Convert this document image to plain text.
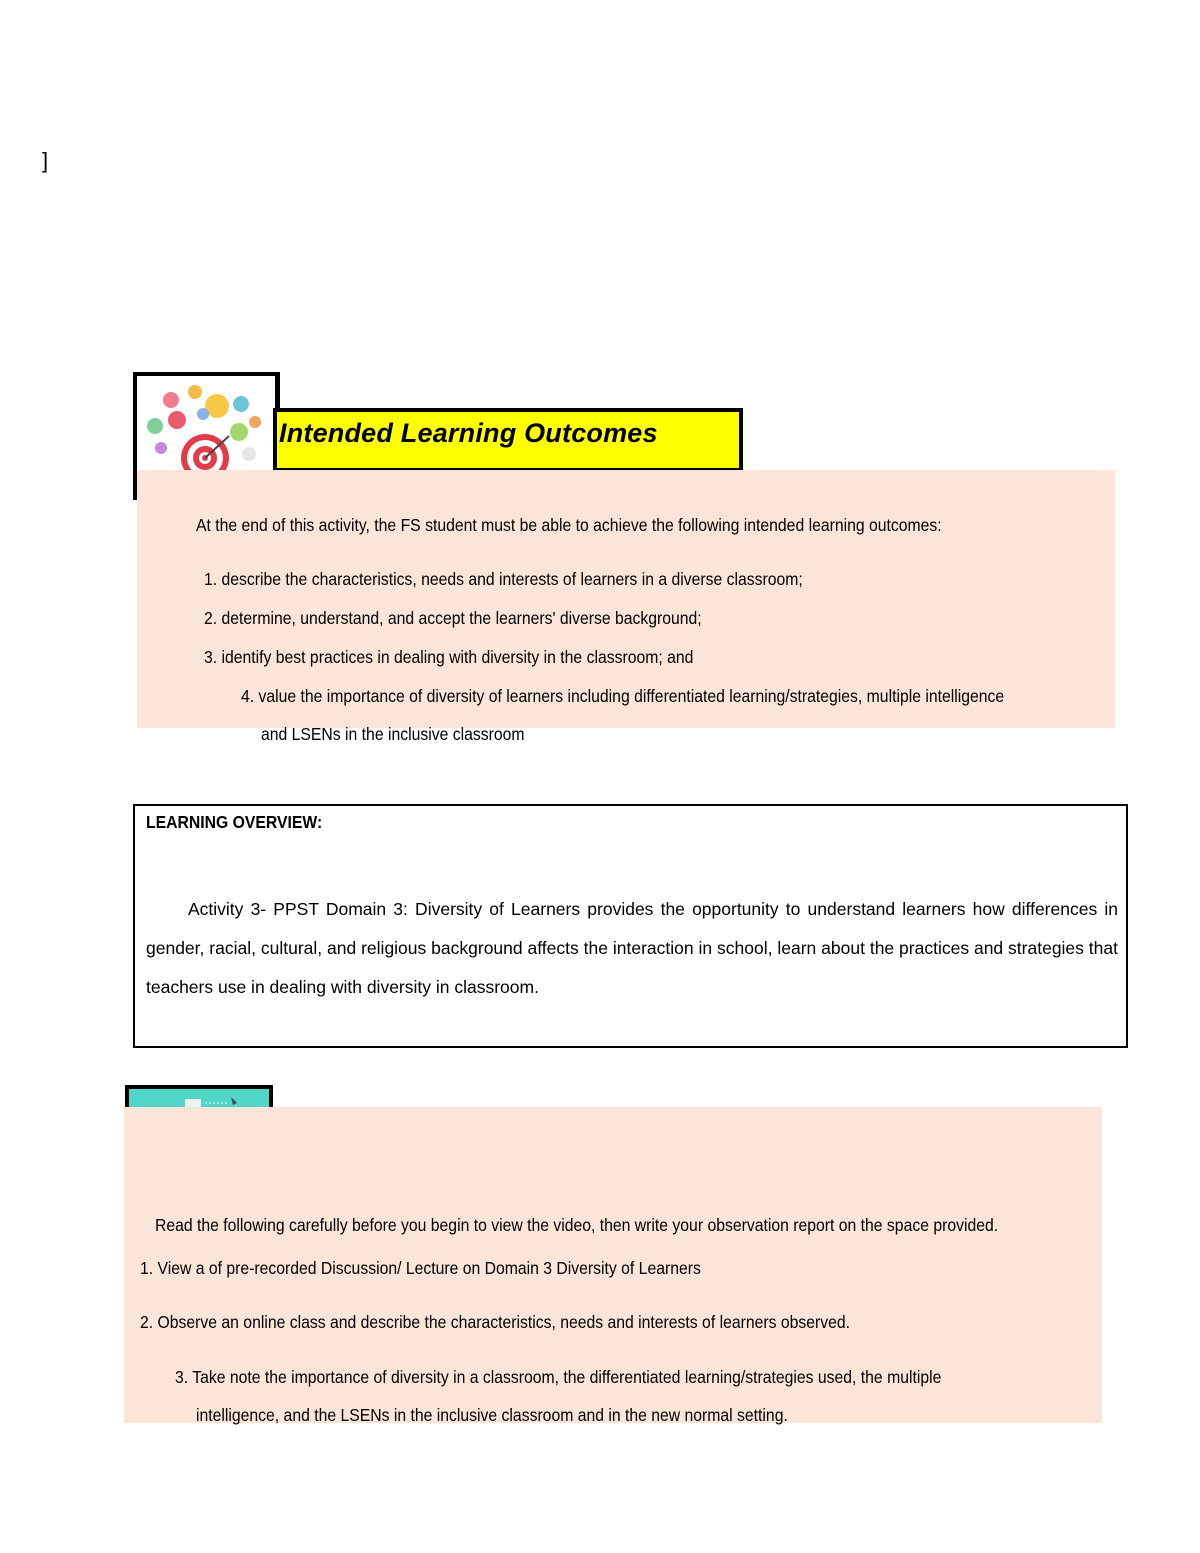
]
Intended Learning Outcomes
At the end of this activity, the FS student must be able to achieve the following intended learning outcomes:
1. describe the characteristics, needs and interests of learners in a diverse classroom;
2. determine, understand, and accept the learners' diverse background;
3. identify best practices in dealing with diversity in the classroom; and
4. value the importance of diversity of learners including differentiated learning/strategies, multiple intelligence
and LSENs in the inclusive classroom
LEARNING OVERVIEW:
Activity 3- PPST Domain 3: Diversity of Learners provides the opportunity to understand learners how differences in gender, racial, cultural, and religious background affects the interaction in school, learn about the practices and strategies that teachers use in dealing with diversity in classroom.
Read the following carefully before you begin to view the video, then write your observation report on the space provided.
1. View a of pre-recorded Discussion/ Lecture on Domain 3 Diversity of Learners
2. Observe an online class and describe the characteristics, needs and interests of learners observed.
3. Take note the importance of diversity in a classroom, the differentiated learning/strategies used, the multiple
intelligence, and the LSENs in the inclusive classroom and in the new normal setting.
